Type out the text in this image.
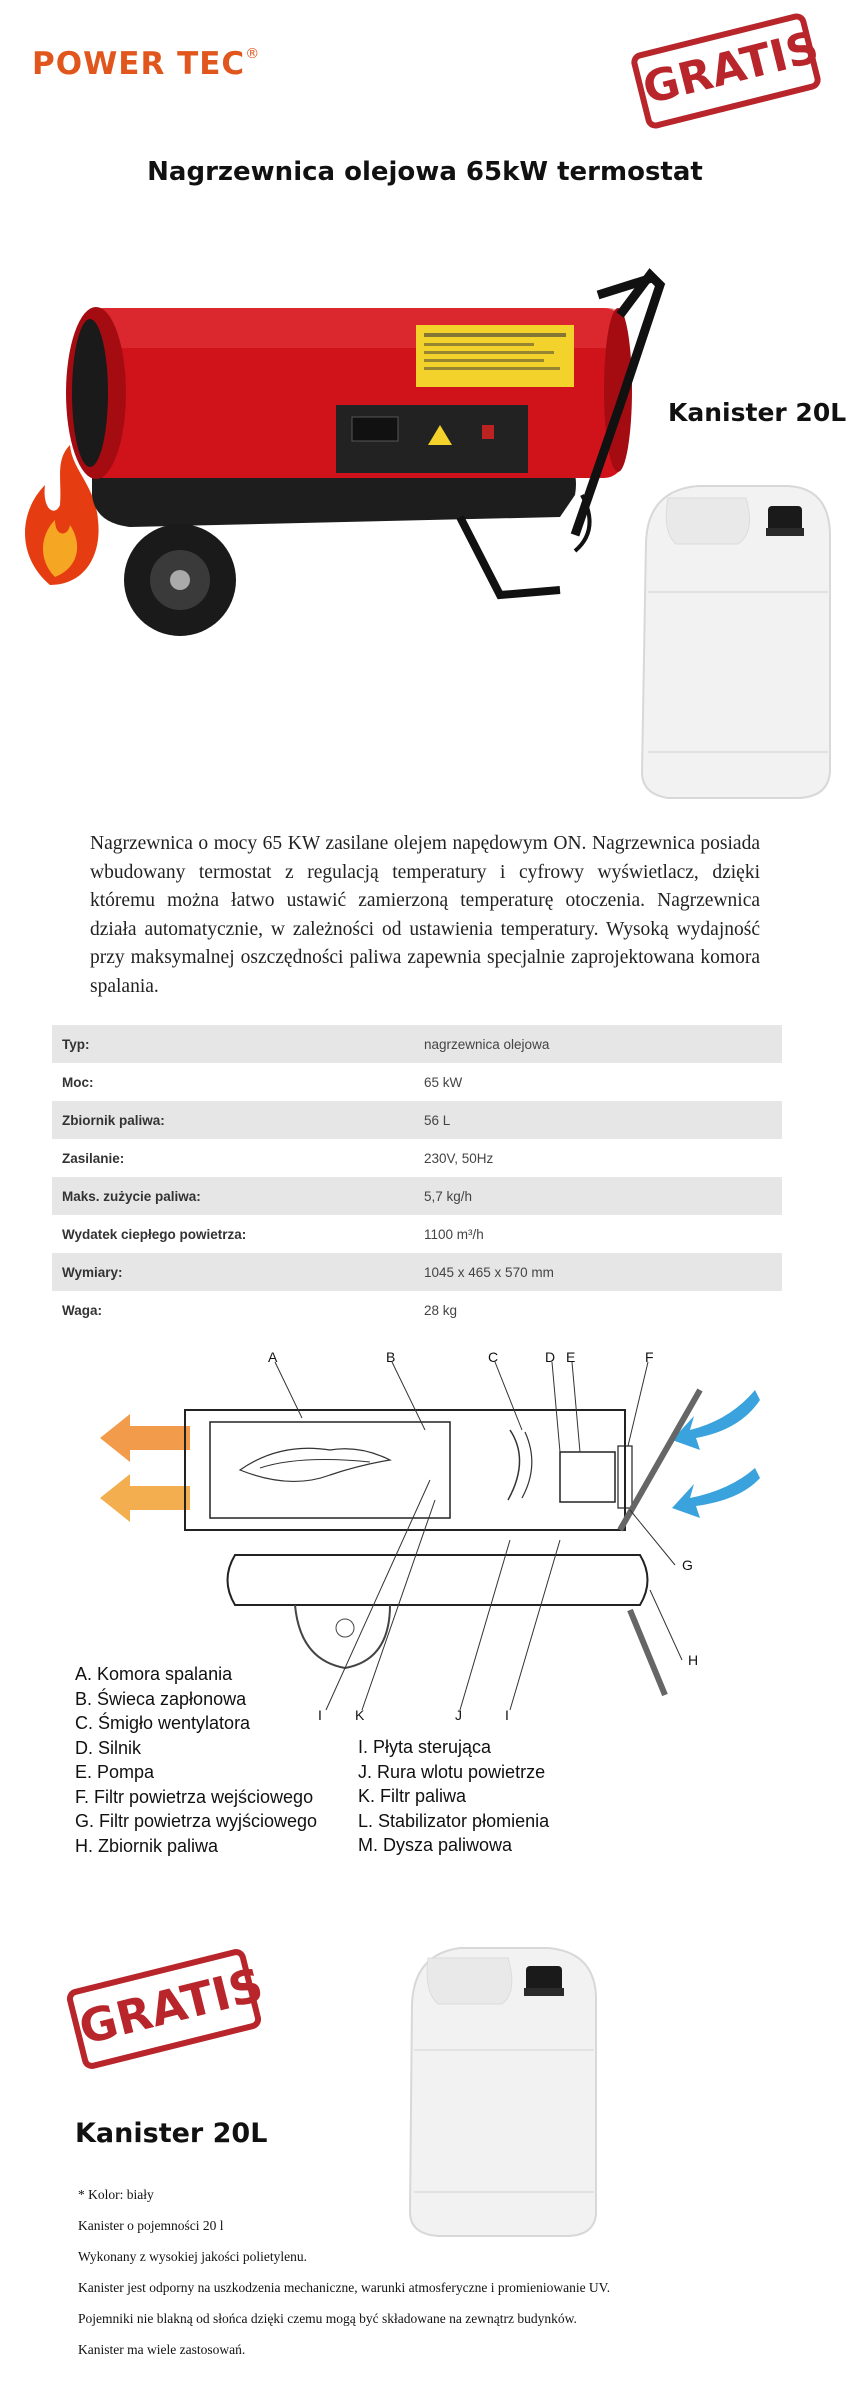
POWER TEC®	GRATIS
Nagrzewnica olejowa 65kW termostat
Kanister 20L
Nagrzewnica o mocy 65 KW zasilane olejem napędowym ON. Nagrzewnica posiada wbudowany termostat z regulacją temperatury i cyfrowy wyświetlacz, dzięki któremu można łatwo ustawić zamierzoną temperaturę otoczenia. Nagrzewnica działa automatycznie, w zależności od ustawienia temperatury. Wysoką wydajność przy maksymalnej oszczędności paliwa zapewnia specjalnie zaprojektowana komora spalania.
Typ:	nagrzewnica olejowa
Moc:	65 kW
Zbiornik paliwa:	56 L
Zasilanie:	230V, 50Hz
Maks. zużycie paliwa:	5,7 kg/h
Wydatek ciepłego powietrza:	1100 m³/h
Wymiary:	1045 x 465 x 570 mm
Waga:	28 kg
A	B	C	D E	F
G
H
I K	J	I
A. Komora spalania
B. Świeca zapłonowa
C. Śmigło wentylatora
D. Silnik
E. Pompa
F. Filtr powietrza wejściowego
G. Filtr powietrza wyjściowego
H. Zbiornik paliwa
I. Płyta sterująca
J. Rura wlotu powietrze
K. Filtr paliwa
L. Stabilizator płomienia
M. Dysza paliwowa
GRATIS
Kanister 20L
* Kolor: biały
Kanister o pojemności 20 l
Wykonany z wysokiej jakości polietylenu.
Kanister jest odporny na uszkodzenia mechaniczne, warunki atmosferyczne i promieniowanie UV.
Pojemniki nie blakną od słońca dzięki czemu mogą być składowane na zewnątrz budynków.
Kanister ma wiele zastosowań.
